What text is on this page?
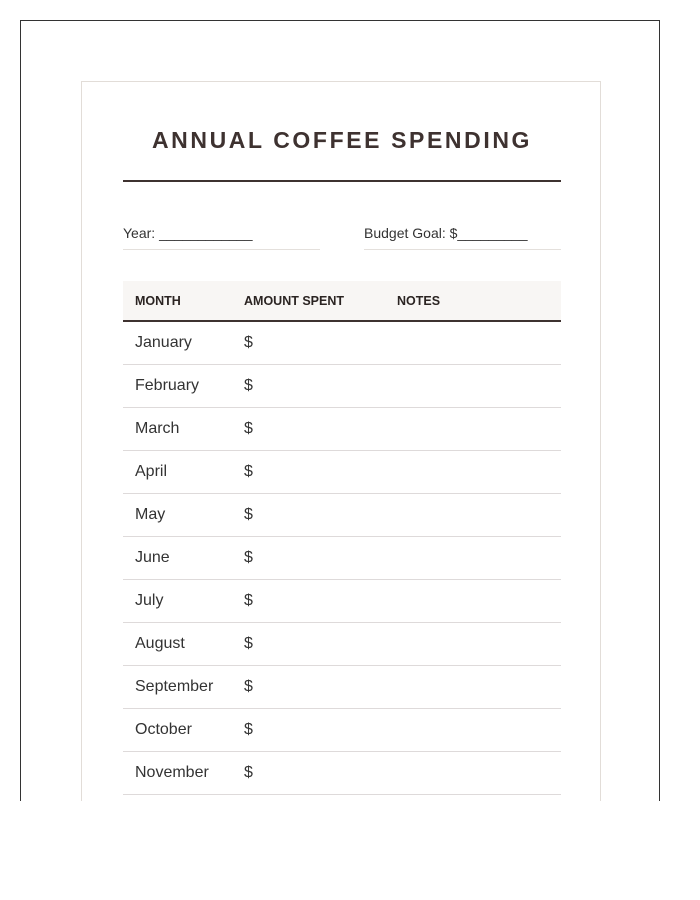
ANNUAL COFFEE SPENDING
Year: ____________	Budget Goal: $_________
MONTH	AMOUNT SPENT	NOTES
January	$	
February	$	
March	$	
April	$	
May	$	
June	$	
July	$	
August	$	
September	$	
October	$	
November	$	
